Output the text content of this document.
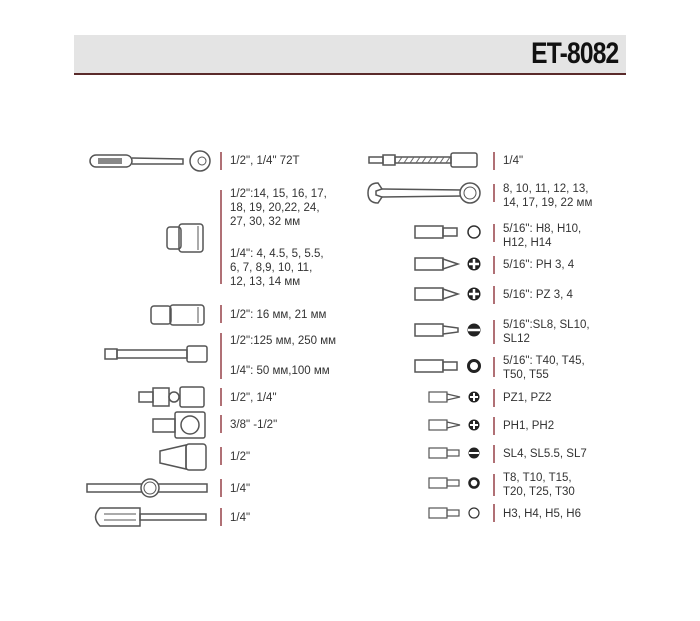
ET-8082
1/2", 1/4" 72T
1/2":14, 15, 16, 17,
18, 19, 20,22, 24,
27, 30, 32 мм
1/4": 4, 4.5, 5, 5.5,
6, 7, 8,9, 10, 11,
12, 13, 14 мм
1/2": 16 мм, 21 мм
1/2":125 мм, 250 мм
1/4": 50 мм,100 мм
1/2", 1/4"
3/8" -1/2"
1/2"
1/4"
1/4"
1/4"
8, 10, 11, 12, 13,
14, 17, 19, 22 мм
5/16": H8, H10,
H12, H14
5/16": PH 3, 4
5/16": PZ 3, 4
5/16":SL8, SL10,
SL12
5/16": T40, T45,
T50, T55
PZ1, PZ2
PH1, PH2
SL4, SL5.5, SL7
T8, T10, T15,
T20, T25, T30
H3, H4, H5, H6
